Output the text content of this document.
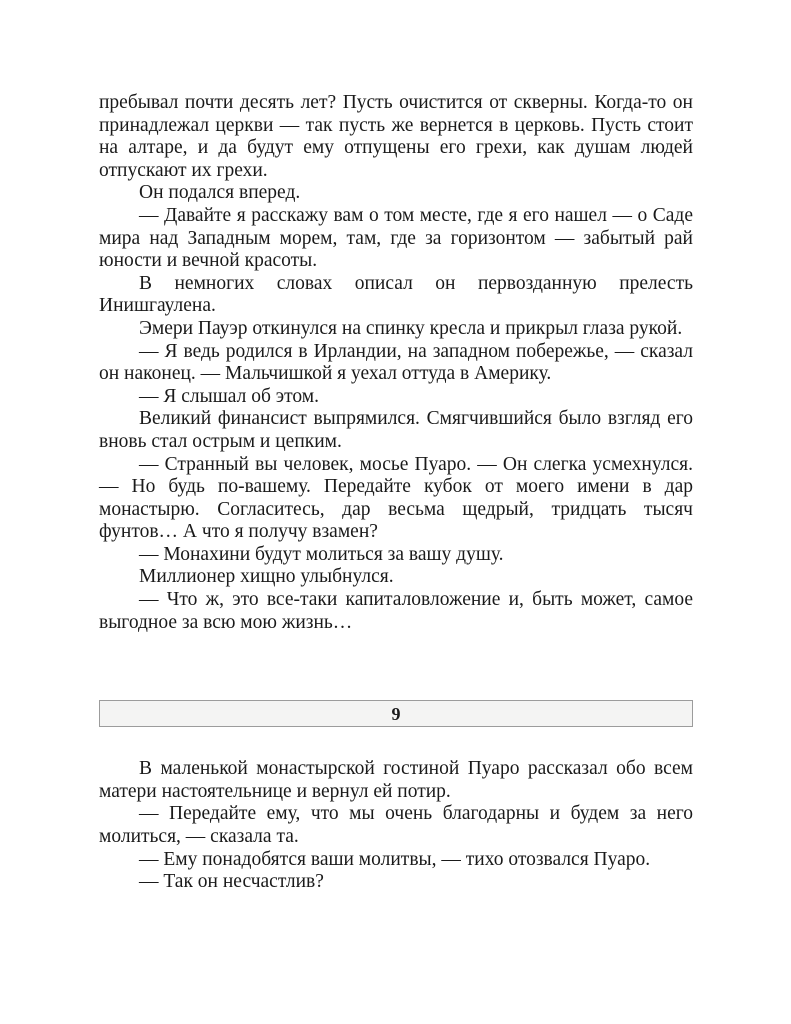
пребывал почти десять лет? Пусть очистится от скверны. Когда-то он принадлежал церкви — так пусть же вернется в церковь. Пусть стоит на алтаре, и да будут ему отпущены его грехи, как душам людей отпускают их грехи.

Он подался вперед.

— Давайте я расскажу вам о том месте, где я его нашел — о Саде мира над Западным морем, там, где за горизонтом — забытый рай юности и вечной красоты.

В немногих словах описал он первозданную прелесть Инишгаулена.

Эмери Пауэр откинулся на спинку кресла и прикрыл глаза рукой.

— Я ведь родился в Ирландии, на западном побережье, — сказал он наконец. — Мальчишкой я уехал оттуда в Америку.

— Я слышал об этом.

Великий финансист выпрямился. Смягчившийся было взгляд его вновь стал острым и цепким.

— Странный вы человек, мосье Пуаро. — Он слегка усмехнулся. — Но будь по-вашему. Передайте кубок от моего имени в дар монастырю. Согласитесь, дар весьма щедрый, тридцать тысяч фунтов… А что я получу взамен?

— Монахини будут молиться за вашу душу.

Миллионер хищно улыбнулся.

— Что ж, это все-таки капиталовложение и, быть может, самое выгодное за всю мою жизнь…

9

В маленькой монастырской гостиной Пуаро рассказал обо всем матери настоятельнице и вернул ей потир.

— Передайте ему, что мы очень благодарны и будем за него молиться, — сказала та.

— Ему понадобятся ваши молитвы, — тихо отозвался Пуаро.

— Так он несчастлив?
